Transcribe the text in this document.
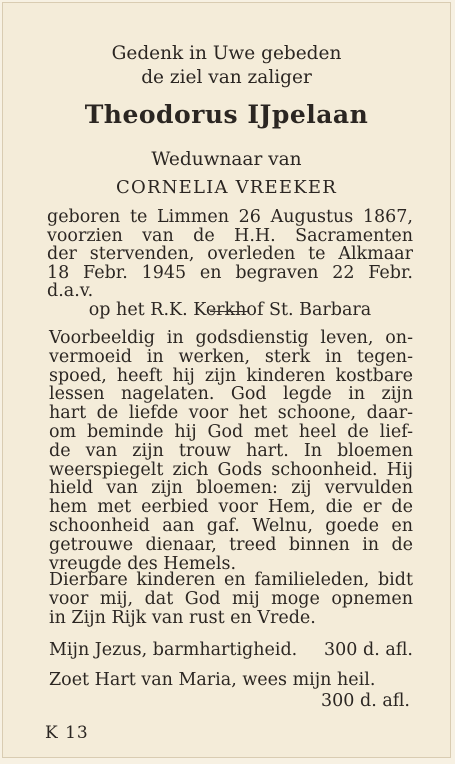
Gedenk in Uwe gebeden
de ziel van zaliger
Theodorus IJpelaan
Weduwnaar van
CORNELIA VREEKER
geboren te Limmen 26 Augustus 1867,
voorzien van de H.H. Sacramenten
der stervenden, overleden te Alkmaar
18 Febr. 1945 en begraven 22 Febr. d.a.v.
op het R.K. Kerkhof St. Barbara
Voorbeeldig in godsdienstig leven, on-
vermoeid in werken, sterk in tegen-
spoed, heeft hij zijn kinderen kostbare
lessen nagelaten. God legde in zijn
hart de liefde voor het schoone, daar-
om beminde hij God met heel de lief-
de van zijn trouw hart. In bloemen
weerspiegelt zich Gods schoonheid. Hij
hield van zijn bloemen: zij vervulden
hem met eerbied voor Hem, die er de
schoonheid aan gaf. Welnu, goede en
getrouwe dienaar, treed binnen in de
vreugde des Hemels.
Dierbare kinderen en familieleden, bidt
voor mij, dat God mij moge opnemen
in Zijn Rijk van rust en Vrede.
Mijn Jezus, barmhartigheid. 300 d. afl.
Zoet Hart van Maria, wees mijn heil.
300 d. afl.
K 13
